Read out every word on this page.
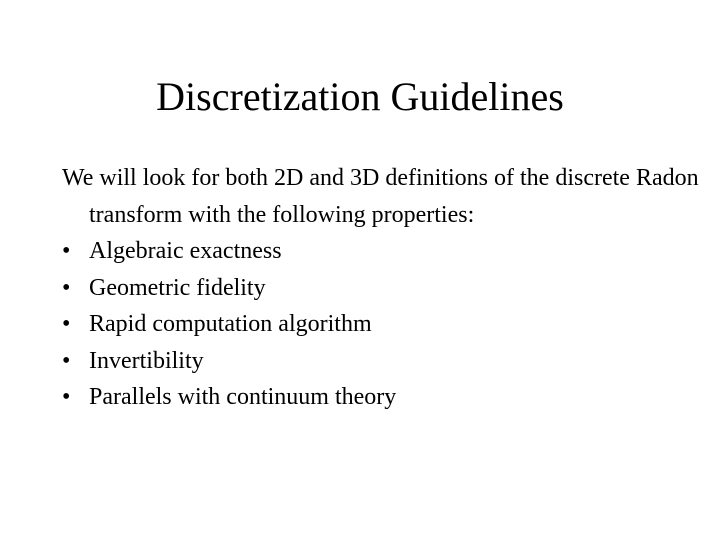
Discretization Guidelines

We will look for both 2D and 3D definitions of the discrete Radon transform with the following properties:

• Algebraic exactness
• Geometric fidelity
• Rapid computation algorithm
• Invertibility
• Parallels with continuum theory
